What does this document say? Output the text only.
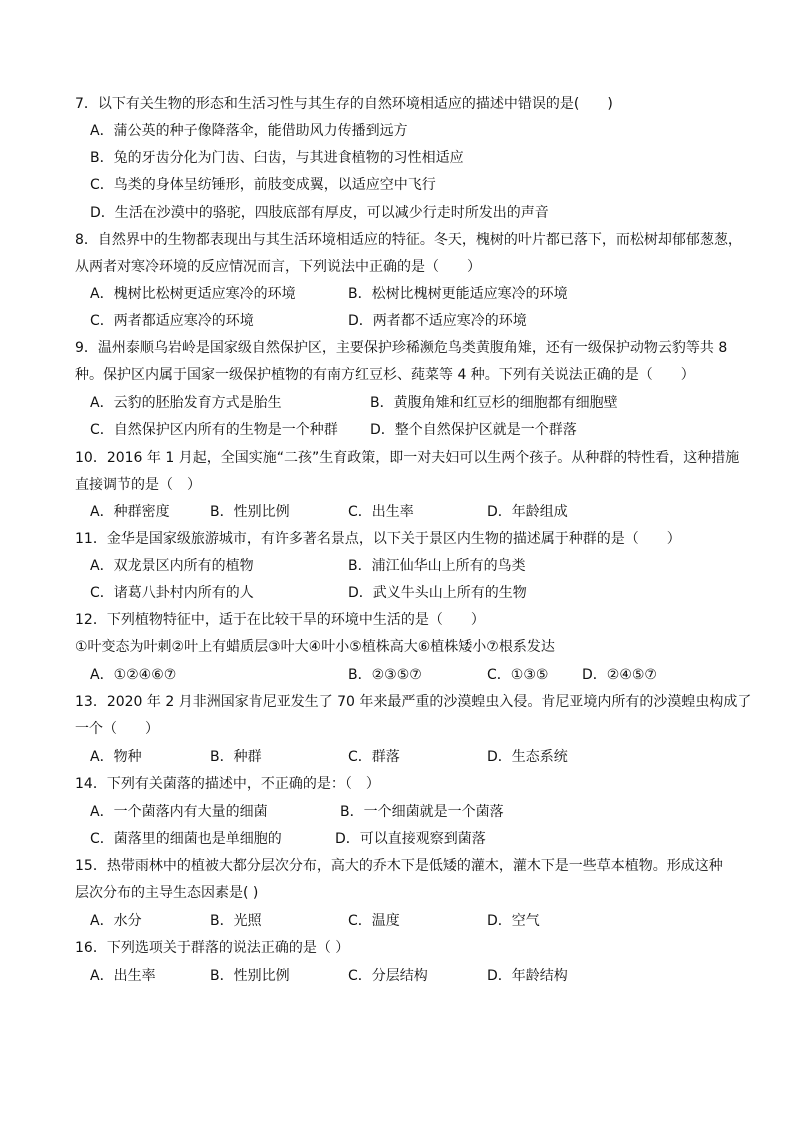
7．以下有关生物的形态和生活习性与其生存的自然环境相适应的描述中错误的是(　　)
A．蒲公英的种子像降落伞，能借助风力传播到远方
B．兔的牙齿分化为门齿、臼齿，与其进食植物的习性相适应
C．鸟类的身体呈纺锤形，前肢变成翼，以适应空中飞行
D．生活在沙漠中的骆驼，四肢底部有厚皮，可以减少行走时所发出的声音
8．自然界中的生物都表现出与其生活环境相适应的特征。冬天，槐树的叶片都已落下，而松树却郁郁葱葱，
从两者对寒冷环境的反应情况而言，下列说法中正确的是（　　）
A．槐树比松树更适应寒冷的环境	B．松树比槐树更能适应寒冷的环境
C．两者都适应寒冷的环境	D．两者都不适应寒冷的环境
9．温州泰顺乌岩岭是国家级自然保护区，主要保护珍稀濒危鸟类黄腹角雉，还有一级保护动物云豹等共 8
种。保护区内属于国家一级保护植物的有南方红豆杉、莼菜等 4 种。下列有关说法正确的是（　　）
A．云豹的胚胎发育方式是胎生	B．黄腹角雉和红豆杉的细胞都有细胞壁
C．自然保护区内所有的生物是一个种群 D．整个自然保护区就是一个群落
10．2016 年 1 月起，全国实施“二孩”生育政策，即一对夫妇可以生两个孩子。从种群的特性看，这种措施
直接调节的是（　）
A．种群密度	B．性别比例	C．出生率	D．年龄组成
11．金华是国家级旅游城市，有许多著名景点，以下关于景区内生物的描述属于种群的是（　　）
A．双龙景区内所有的植物	B．浦江仙华山上所有的鸟类
C．诸葛八卦村内所有的人	D．武义牛头山上所有的生物
12．下列植物特征中，适于在比较干旱的环境中生活的是（　　）
①叶变态为叶刺②叶上有蜡质层③叶大④叶小⑤植株高大⑥植株矮小⑦根系发达
A．①②④⑥⑦	B．②③⑤⑦	C．①③⑤ D．②④⑤⑦
13．2020 年 2 月非洲国家肯尼亚发生了 70 年来最严重的沙漠蝗虫入侵。肯尼亚境内所有的沙漠蝗虫构成了
一个（　　）
A．物种	B．种群	C．群落	D．生态系统
14．下列有关菌落的描述中，不正确的是：（　）
A．一个菌落内有大量的细菌	B．一个细菌就是一个菌落
C．菌落里的细菌也是单细胞的	D．可以直接观察到菌落
15．热带雨林中的植被大都分层次分布，高大的乔木下是低矮的灌木，灌木下是一些草本植物。形成这种
层次分布的主导生态因素是( )
A．水分	B．光照	C．温度	D．空气
16．下列选项关于群落的说法正确的是（ ）
A．出生率	B．性别比例	C．分层结构	D．年龄结构
